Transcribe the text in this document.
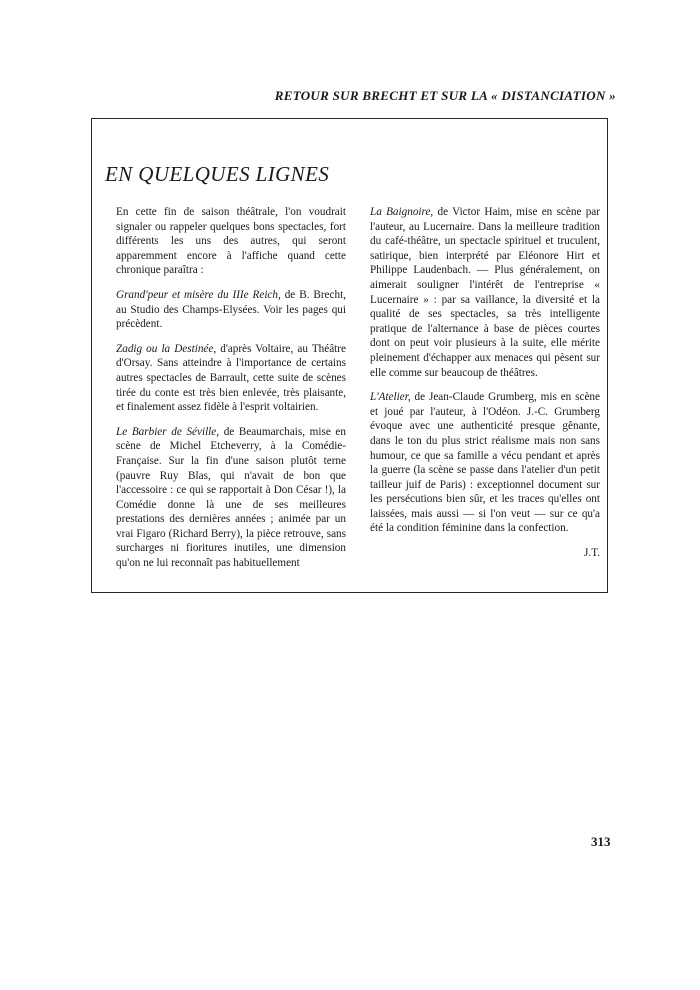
RETOUR SUR BRECHT ET SUR LA « DISTANCIATION »
EN QUELQUES LIGNES

En cette fin de saison théâtrale, l'on voudrait signaler ou rappeler quelques bons spectacles, fort différents les uns des autres, qui seront apparemment encore à l'affiche quand cette chronique paraîtra :

Grand'peur et misère du IIIe Reich, de B. Brecht, au Studio des Champs-Elysées. Voir les pages qui précèdent.

Zadig ou la Destinée, d'après Voltaire, au Théâtre d'Orsay. Sans atteindre à l'importance de certains autres spectacles de Barrault, cette suite de scènes tirée du conte est très bien enlevée, très plaisante, et finalement assez fidèle à l'esprit voltairien.

Le Barbier de Séville, de Beaumarchais, mise en scène de Michel Etcheverry, à la Comédie-Française. Sur la fin d'une saison plutôt terne (pauvre Ruy Blas, qui n'avait de bon que l'accessoire : ce qui se rapportait à Don César !), la Comédie donne là une de ses meilleures prestations des dernières années ; animée par un vrai Figaro (Richard Berry), la pièce retrouve, sans surcharges ni fioritures inutiles, une dimension qu'on ne lui reconnaît pas habituellement

La Baignoire, de Victor Haim, mise en scène par l'auteur, au Lucernaire. Dans la meilleure tradition du café-théâtre, un spectacle spirituel et truculent, satirique, bien interprété par Eléonore Hirt et Philippe Laudenbach. — Plus généralement, on aimerait souligner l'intérêt de l'entreprise « Lucernaire » : par sa vaillance, la diversité et la qualité de ses spectacles, sa très intelligente pratique de l'alternance à base de pièces courtes dont on peut voir plusieurs à la suite, elle mérite pleinement d'échapper aux menaces qui pèsent sur elle comme sur beaucoup de théâtres.

L'Atelier, de Jean-Claude Grumberg, mis en scène et joué par l'auteur, à l'Odéon. J.-C. Grumberg évoque avec une authenticité presque gênante, dans le ton du plus strict réalisme mais non sans humour, ce que sa famille a vécu pendant et après la guerre (la scène se passe dans l'atelier d'un petit tailleur juif de Paris) : exceptionnel document sur les persécutions bien sûr, et les traces qu'elles ont laissées, mais aussi — si l'on veut — sur ce qu'a été la condition féminine dans la confection.

J.T.
313
